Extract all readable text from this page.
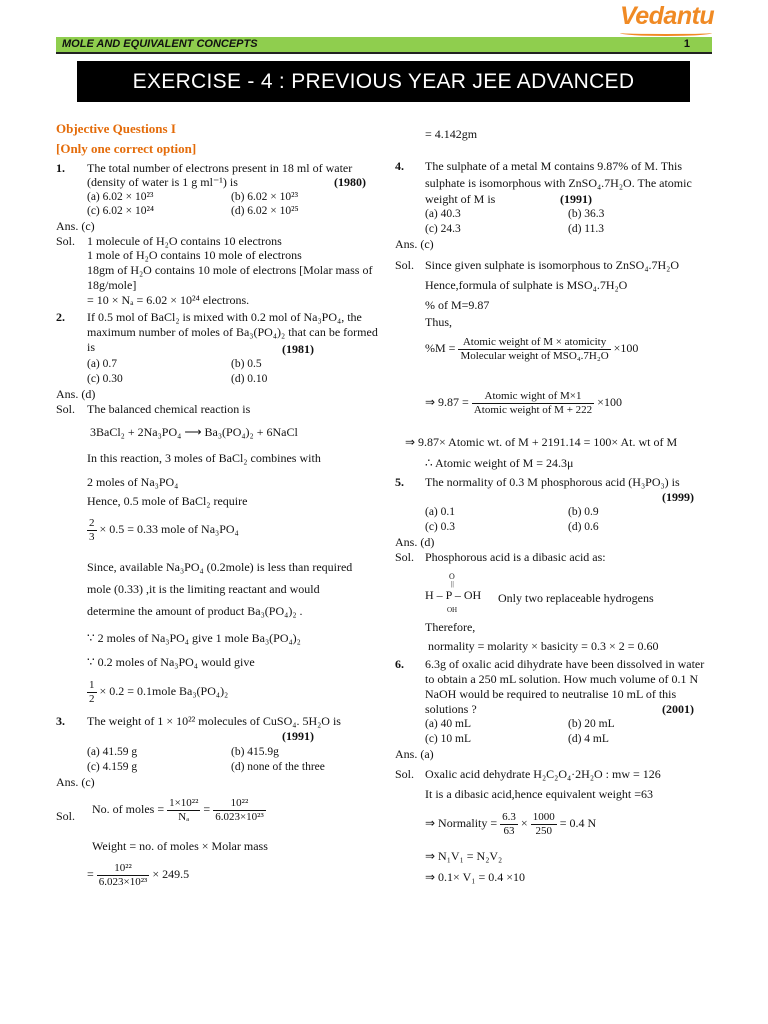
Vedantu
MOLE AND EQUIVALENT CONCEPTS	1
EXERCISE - 4 : PREVIOUS YEAR JEE ADVANCED QUESTION
Objective Questions I
[Only one correct option]
1. The total number of electrons present in 18 ml of water
(density of water is 1 g ml⁻¹) is	(1980)
(a) 6.02 × 10²³	(b) 6.02 × 10²³
(c) 6.02 × 10²⁴	(d) 6.02 × 10²⁵
Ans. (c)
Sol. 1 molecule of H₂O contains 10 electrons
1 mole of H₂O contains 10 mole of electrons
18gm of H₂O contains 10 mole of electrons [Molar mass of
18g/mole]
= 10 × Nₐ = 6.02 × 10²⁴ electrons.
2. If 0.5 mol of BaCl₂ is mixed with 0.2 mol of Na₃PO₄, the
maximum number of moles of Ba₃(PO₄)₂ that can be formed
is	(1981)
(a) 0.7	(b) 0.5
(c) 0.30	(d) 0.10
Ans. (d)
Sol. The balanced chemical reaction is
3BaCl₂ + 2Na₃PO₄ ⟶ Ba₃(PO₄)₂ + 6NaCl
In this reaction, 3 moles of BaCl₂ combines with
2 moles of Na₃PO₄
Hence, 0.5 mole of BaCl₂ require
$\frac{2}{3} \times 0.5 = 0.33$ mole of Na₃PO₄
Since, available Na₃PO₄ (0.2mole) is less than required
mole (0.33) ,it is the limiting reactant and would
determine the amount of product Ba₃(PO₄)₂ .
∵ 2 moles of Na₃PO₄ give 1 mole Ba₃(PO₄)₂
∵ 0.2 moles of Na₃PO₄ would give
$\frac{1}{2} \times 0.2$ = 0.1mole Ba₃(PO₄)₂
3. The weight of 1 × 10²² molecules of CuSO₄. 5H₂O is
(1991)
(a) 41.59 g	(b) 415.9g
(c) 4.159 g	(d) none of the three
Ans. (c)
Sol.
No. of moles = $\frac{\text{1×10²²}}{\text{Nₐ}} = \frac{\text{10²²}}{\text{6.023×10²³}}$
Weight = no. of moles × Molar mass
= $\frac{\text{10²²}}{\text{6.023×10²³}} \times 249.5$
= 4.142gm
4. The sulphate of a metal M contains 9.87% of M. This
sulphate is isomorphous with ZnSO₄.7H₂O. The atomic
weight of M is	(1991)
(a) 40.3	(b) 36.3
(c) 24.3	(d) 11.3
Ans. (c)
Sol. Since given sulphate is isomorphous to ZnSO₄.7H₂O
Hence,formula of sulphate is MSO₄.7H₂O
% of M=9.87
Thus,
$\%M = \frac{\text{Atomic weight of M × atomicity}}{\text{Molecular weight of MSO₄.7H₂O}} \times 100$
⇒ $9.87 = \frac{\text{Atomic wight of M×1}}{\text{Atomic weight of M + 222}} \times 100$
⇒ 9.87× Atomic wt. of M + 2191.14 = 100× At. wt of M
∴ Atomic weight of M = 24.3μ
5. The normality of 0.3 M phosphorous acid (H₃PO₃) is
(1999)
(a) 0.1	(b) 0.9
(c) 0.3	(d) 0.6
Ans. (d)
Sol. Phosphorous acid is a dibasic acid as:
O
||
H – P – OH
OH
Only two replaceable hydrogens
Therefore,
normality = molarity × basicity = 0.3 × 2 = 0.60
6. 6.3g of oxalic acid dihydrate have been dissolved in water
to obtain a 250 mL solution. How much volume of 0.1 N
NaOH would be required to neutralise 10 mL of this
solutions ?	(2001)
(a) 40 mL	(b) 20 mL
(c) 10 mL	(d) 4 mL
Ans. (a)
Sol. Oxalic acid dehydrate H₂C₂O₄·2H₂O : mw = 126
It is a dibasic acid,hence equivalent weight =63
⇒ Normality = $\frac{6.3}{63} \times \frac{1000}{250} = 0.4$ N
⇒ N₁V₁ = N₂V₂
⇒ 0.1× V₁ = 0.4 ×10
